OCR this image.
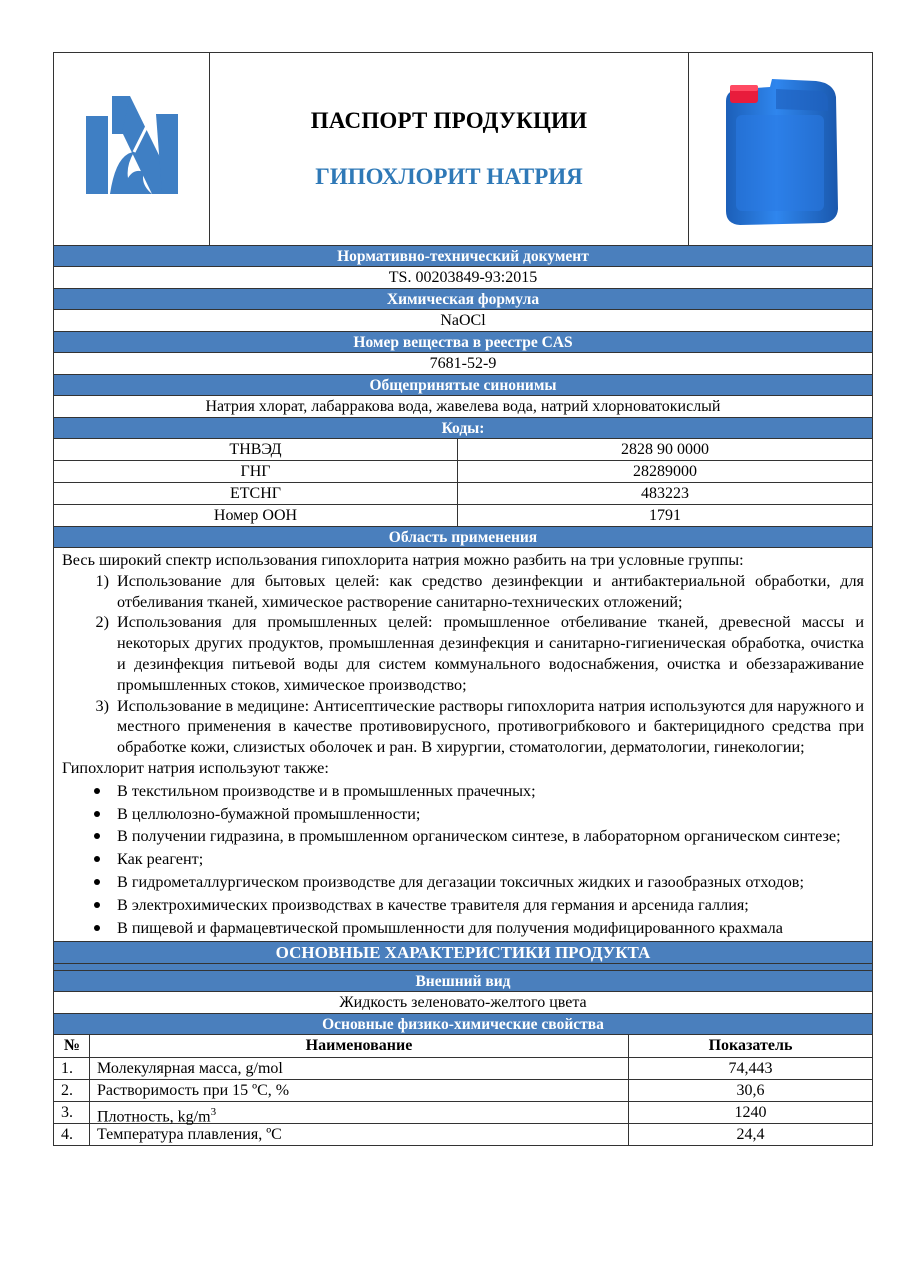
ПАСПОРТ ПРОДУКЦИИ
ГИПОХЛОРИТ НАТРИЯ
Нормативно-технический документ
TS. 00203849-93:2015
Химическая формула
NaOCl
Номер вещества в реестре CAS
7681-52-9
Общепринятые синонимы
Натрия хлорат, лабарракова вода, жавелева вода, натрий хлорноватокислый
Коды:
ТНВЭД	2828 90 0000
ГНГ	28289000
ЕТСНГ	483223
Номер ООН	1791
Область применения

Весь широкий спектр использования гипохлорита натрия можно разбить на три условные группы:

1) Использование для бытовых целей: как средство дезинфекции и антибактериальной обработки, для отбеливания тканей, химическое растворение санитарно-технических отложений;
2) Использования для промышленных целей: промышленное отбеливание тканей, древесной массы и некоторых других продуктов, промышленная дезинфекция и санитарно-гигиеническая обработка, очистка и дезинфекция питьевой воды для систем коммунального водоснабжения, очистка и обеззараживание промышленных стоков, химическое производство;
3) Использование в медицине: Антисептические растворы гипохлорита натрия используются для наружного и местного применения в качестве противовирусного, противогрибкового и бактерицидного средства при обработке кожи, слизистых оболочек и ран. В хирургии, стоматологии, дерматологии, гинекологии;

Гипохлорит натрия используют также:

В текстильном производстве и в промышленных прачечных;
В целлюлозно-бумажной промышленности;
В получении гидразина, в промышленном органическом синтезе, в лабораторном органическом синтезе;
Как реагент;
В гидрометаллургическом производстве для дегазации токсичных жидких и газообразных отходов;
В электрохимических производствах в качестве травителя для германия и арсенида галлия;
В пищевой и фармацевтической промышленности для получения модифицированного крахмала
ОСНОВНЫЕ ХАРАКТЕРИСТИКИ ПРОДУКТА
Внешний вид
Жидкость зеленовато-желтого цвета
Основные физико-химические свойства
№	Наименование	Показатель
1.	Молекулярная масса, g/mol	74,443
2.	Растворимость при 15 ºС, %	30,6
3.	Плотность, $kg/m^3$	1240
4.	Температура плавления, ºС	24,4
